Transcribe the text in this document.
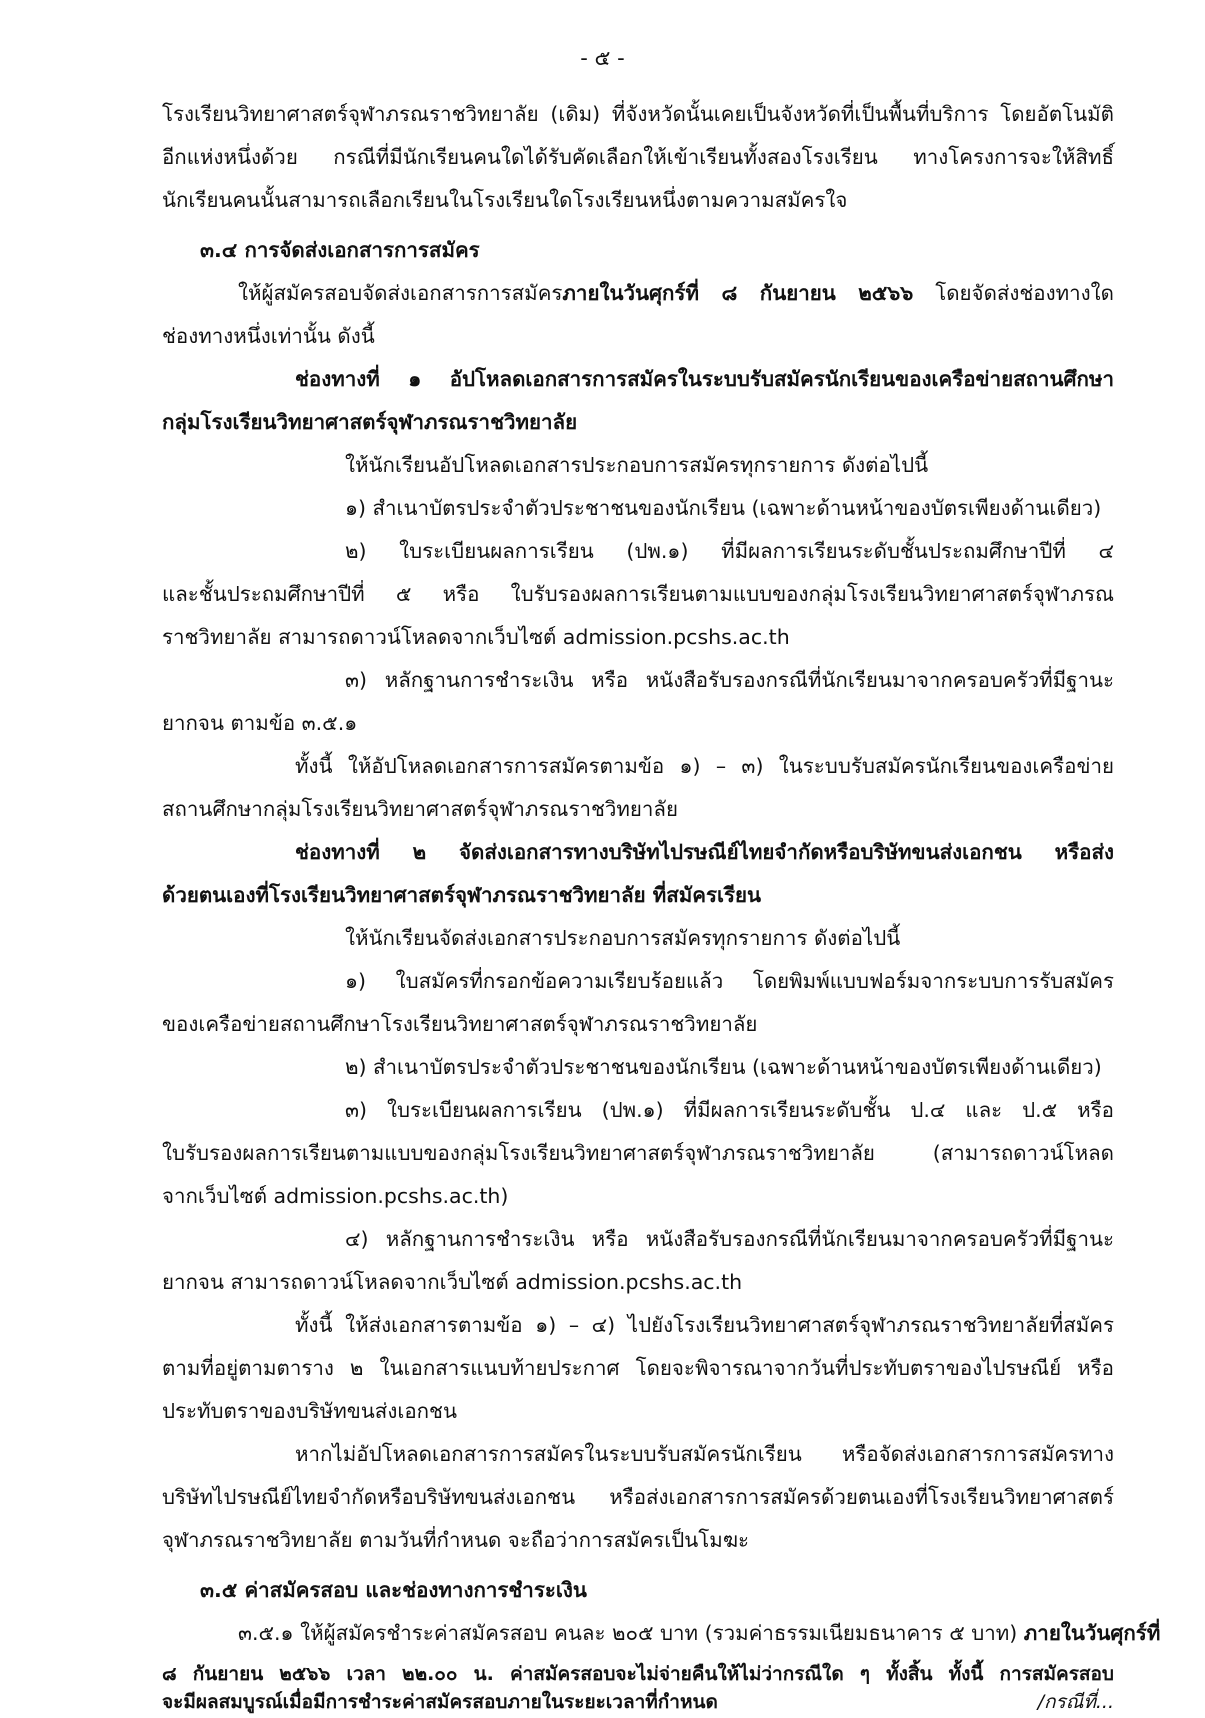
- ๕ -
โรงเรียนวิทยาศาสตร์จุฬาภรณราชวิทยาลัย (เดิม) ที่จังหวัดนั้นเคยเป็นจังหวัดที่เป็นพื้นที่บริการ โดยอัตโนมัติ
อีกแห่งหนึ่งด้วย กรณีที่มีนักเรียนคนใดได้รับคัดเลือกให้เข้าเรียนทั้งสองโรงเรียน ทางโครงการจะให้สิทธิ์
นักเรียนคนนั้นสามารถเลือกเรียนในโรงเรียนใดโรงเรียนหนึ่งตามความสมัครใจ
๓.๔ การจัดส่งเอกสารการสมัคร
ให้ผู้สมัครสอบจัดส่งเอกสารการสมัครภายในวันศุกร์ที่ ๘ กันยายน ๒๕๖๖ โดยจัดส่งช่องทางใด
ช่องทางหนึ่งเท่านั้น ดังนี้
ช่องทางที่ ๑ อัปโหลดเอกสารการสมัครในระบบรับสมัครนักเรียนของเครือข่ายสถานศึกษา
กลุ่มโรงเรียนวิทยาศาสตร์จุฬาภรณราชวิทยาลัย
ให้นักเรียนอัปโหลดเอกสารประกอบการสมัครทุกรายการ ดังต่อไปนี้
๑) สำเนาบัตรประจำตัวประชาชนของนักเรียน (เฉพาะด้านหน้าของบัตรเพียงด้านเดียว)
๒) ใบระเบียนผลการเรียน (ปพ.๑) ที่มีผลการเรียนระดับชั้นประถมศึกษาปีที่ ๔
และชั้นประถมศึกษาปีที่ ๕ หรือ ใบรับรองผลการเรียนตามแบบของกลุ่มโรงเรียนวิทยาศาสตร์จุฬาภรณ
ราชวิทยาลัย สามารถดาวน์โหลดจากเว็บไซต์ admission.pcshs.ac.th
๓) หลักฐานการชำระเงิน หรือ หนังสือรับรองกรณีที่นักเรียนมาจากครอบครัวที่มีฐานะ
ยากจน ตามข้อ ๓.๕.๑
ทั้งนี้ ให้อัปโหลดเอกสารการสมัครตามข้อ ๑) – ๓) ในระบบรับสมัครนักเรียนของเครือข่าย
สถานศึกษากลุ่มโรงเรียนวิทยาศาสตร์จุฬาภรณราชวิทยาลัย
ช่องทางที่ ๒ จัดส่งเอกสารทางบริษัทไปรษณีย์ไทยจำกัดหรือบริษัทขนส่งเอกชน หรือส่ง
ด้วยตนเองที่โรงเรียนวิทยาศาสตร์จุฬาภรณราชวิทยาลัย ที่สมัครเรียน
ให้นักเรียนจัดส่งเอกสารประกอบการสมัครทุกรายการ ดังต่อไปนี้
๑) ใบสมัครที่กรอกข้อความเรียบร้อยแล้ว โดยพิมพ์แบบฟอร์มจากระบบการรับสมัคร
ของเครือข่ายสถานศึกษาโรงเรียนวิทยาศาสตร์จุฬาภรณราชวิทยาลัย
๒) สำเนาบัตรประจำตัวประชาชนของนักเรียน (เฉพาะด้านหน้าของบัตรเพียงด้านเดียว)
๓) ใบระเบียนผลการเรียน (ปพ.๑) ที่มีผลการเรียนระดับชั้น ป.๔ และ ป.๕ หรือ
ใบรับรองผลการเรียนตามแบบของกลุ่มโรงเรียนวิทยาศาสตร์จุฬาภรณราชวิทยาลัย (สามารถดาวน์โหลด
จากเว็บไซต์ admission.pcshs.ac.th)
๔) หลักฐานการชำระเงิน หรือ หนังสือรับรองกรณีที่นักเรียนมาจากครอบครัวที่มีฐานะ
ยากจน สามารถดาวน์โหลดจากเว็บไซต์ admission.pcshs.ac.th
ทั้งนี้ ให้ส่งเอกสารตามข้อ ๑) – ๔) ไปยังโรงเรียนวิทยาศาสตร์จุฬาภรณราชวิทยาลัยที่สมัคร
ตามที่อยู่ตามตาราง ๒ ในเอกสารแนบท้ายประกาศ โดยจะพิจารณาจากวันที่ประทับตราของไปรษณีย์ หรือ
ประทับตราของบริษัทขนส่งเอกชน
หากไม่อัปโหลดเอกสารการสมัครในระบบรับสมัครนักเรียน หรือจัดส่งเอกสารการสมัครทาง
บริษัทไปรษณีย์ไทยจำกัดหรือบริษัทขนส่งเอกชน หรือส่งเอกสารการสมัครด้วยตนเองที่โรงเรียนวิทยาศาสตร์
จุฬาภรณราชวิทยาลัย ตามวันที่กำหนด จะถือว่าการสมัครเป็นโมฆะ
๓.๕ ค่าสมัครสอบ และช่องทางการชำระเงิน
๓.๕.๑ ให้ผู้สมัครชำระค่าสมัครสอบ คนละ ๒๐๕ บาท (รวมค่าธรรมเนียมธนาคาร ๕ บาท) ภายในวันศุกร์ที่
๘ กันยายน ๒๕๖๖ เวลา ๒๒.๐๐ น. ค่าสมัครสอบจะไม่จ่ายคืนให้ไม่ว่ากรณีใด ๆ ทั้งสิ้น ทั้งนี้ การสมัครสอบ
จะมีผลสมบูรณ์เมื่อมีการชำระค่าสมัครสอบภายในระยะเวลาที่กำหนด	/กรณีที่...
